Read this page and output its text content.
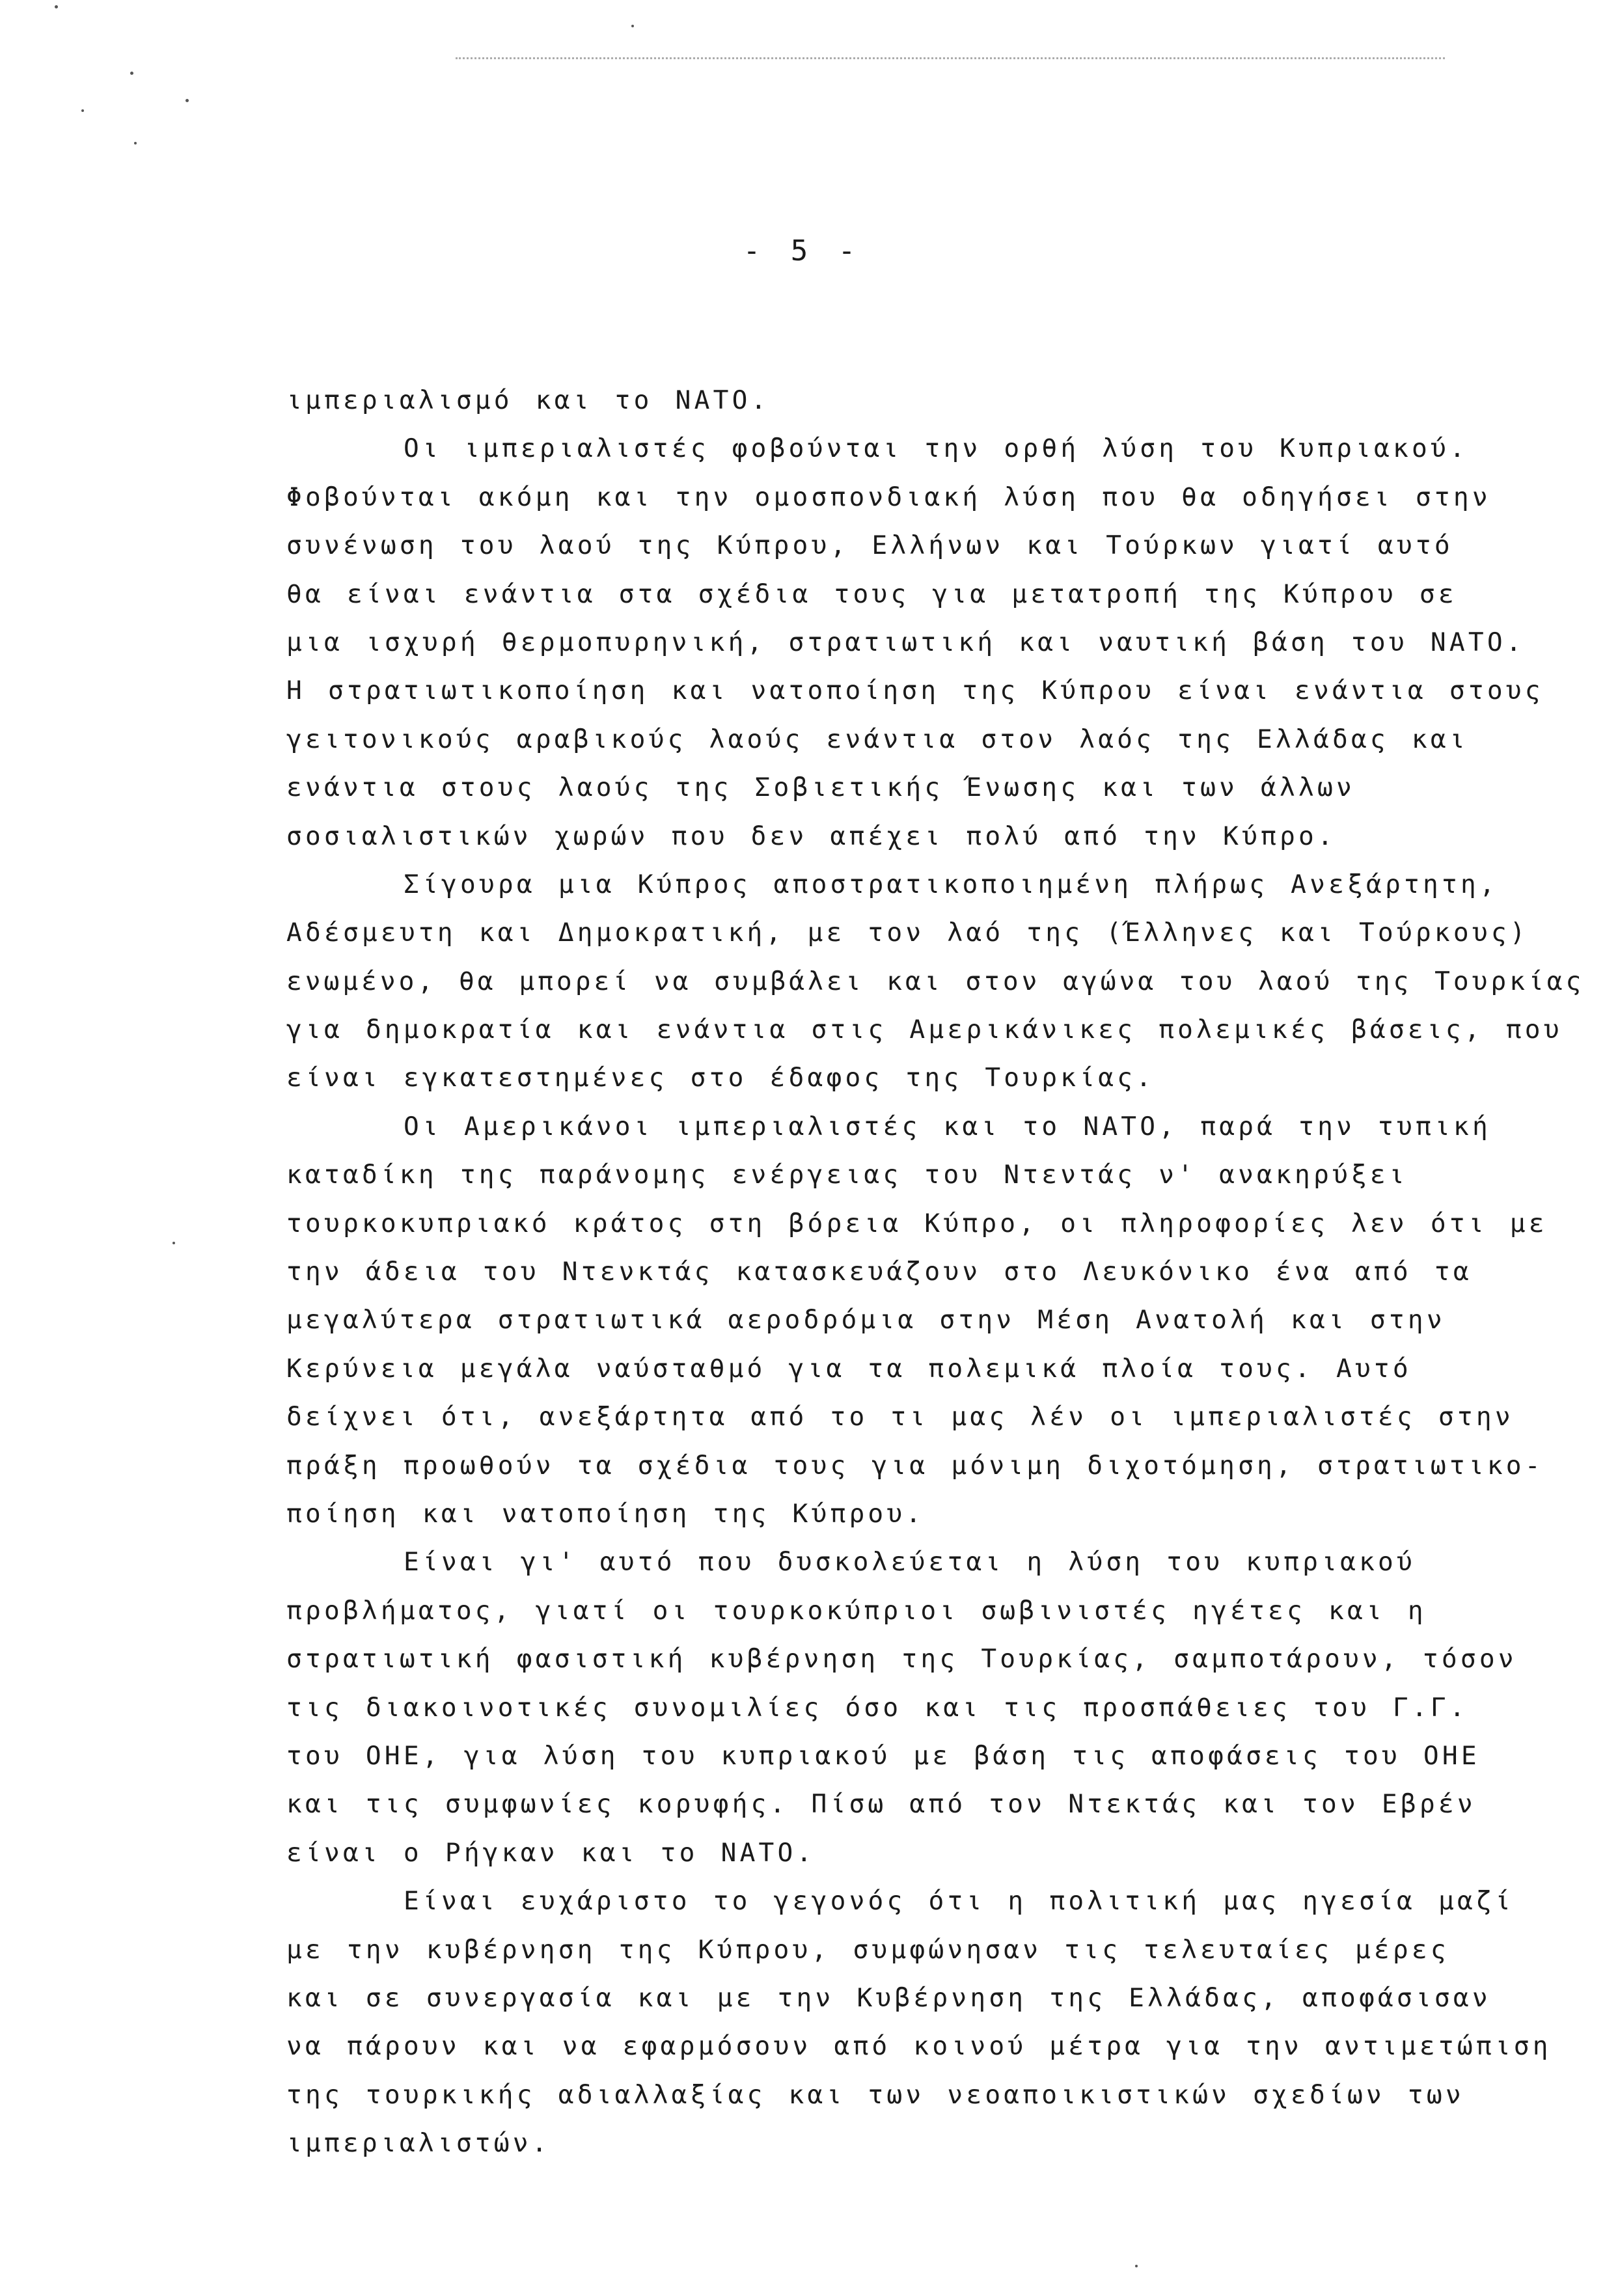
- 5 -
ιμπεριαλισμό και το ΝΑΤΟ.
Οι ιμπεριαλιστές φοβούνται την ορθή λύση του Κυπριακού.
Φοβούνται ακόμη και την ομοσπονδιακή λύση που θα οδηγήσει στην
συνένωση του λαού της Κύπρου, Ελλήνων και Τούρκων γιατί αυτό
θα είναι ενάντια στα σχέδια τους για μετατροπή της Κύπρου σε
μια ισχυρή θερμοπυρηνική, στρατιωτική και ναυτική βάση του ΝΑΤΟ.
Η στρατιωτικοποίηση και νατοποίηση της Κύπρου είναι ενάντια στους
γειτονικούς αραβικούς λαούς ενάντια στον λαός της Ελλάδας και
ενάντια στους λαούς της Σοβιετικής Ένωσης και των άλλων
σοσιαλιστικών χωρών που δεν απέχει πολύ από την Κύπρο.
Σίγουρα μια Κύπρος αποστρατικοποιημένη πλήρως Ανεξάρτητη,
Αδέσμευτη και Δημοκρατική, με τον λαό της (Έλληνες και Τούρκους)
ενωμένο, θα μπορεί να συμβάλει και στον αγώνα του λαού της Τουρκίας
για δημοκρατία και ενάντια στις Αμερικάνικες πολεμικές βάσεις, που
είναι εγκατεστημένες στο έδαφος της Τουρκίας.
Οι Αμερικάνοι ιμπεριαλιστές και το ΝΑΤΟ, παρά την τυπική
καταδίκη της παράνομης ενέργειας του Ντεντάς ν' ανακηρύξει
τουρκοκυπριακό κράτος στη βόρεια Κύπρο, οι πληροφορίες λεν ότι με
την άδεια του Ντενκτάς κατασκευάζουν στο Λευκόνικο ένα από τα
μεγαλύτερα στρατιωτικά αεροδρόμια στην Μέση Ανατολή και στην
Κερύνεια μεγάλα ναύσταθμό για τα πολεμικά πλοία τους. Αυτό
δείχνει ότι, ανεξάρτητα από το τι μας λέν οι ιμπεριαλιστές στην
πράξη προωθούν τα σχέδια τους για μόνιμη διχοτόμηση, στρατιωτικο-
ποίηση και νατοποίηση της Κύπρου.
Είναι γι' αυτό που δυσκολεύεται η λύση του κυπριακού
προβλήματος, γιατί οι τουρκοκύπριοι σωβινιστές ηγέτες και η
στρατιωτική φασιστική κυβέρνηση της Τουρκίας, σαμποτάρουν, τόσον
τις διακοινοτικές συνομιλίες όσο και τις προσπάθειες του Γ.Γ.
του ΟΗΕ, για λύση του κυπριακού με βάση τις αποφάσεις του ΟΗΕ
και τις συμφωνίες κορυφής. Πίσω από τον Ντεκτάς και τον Εβρέν
είναι ο Ρήγκαν και το ΝΑΤΟ.
Είναι ευχάριστο το γεγονός ότι η πολιτική μας ηγεσία μαζί
με την κυβέρνηση της Κύπρου, συμφώνησαν τις τελευταίες μέρες
και σε συνεργασία και με την Κυβέρνηση της Ελλάδας, αποφάσισαν
να πάρουν και να εφαρμόσουν από κοινού μέτρα για την αντιμετώπιση
της τουρκικής αδιαλλαξίας και των νεοαποικιστικών σχεδίων των
ιμπεριαλιστών.
